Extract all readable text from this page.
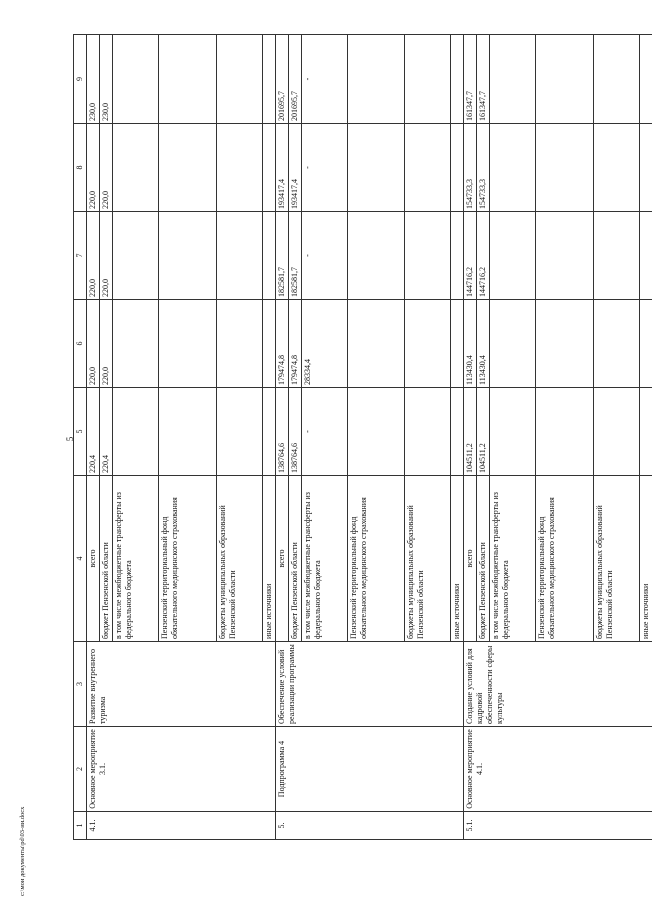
5
1	2	3	4	5	6	7	8	9
4.1.	Основное мероприятие 3.1.	Развитие внутреннего туризма	всего	220,4	220,0	220,0	220,0	230,0
			бюджет Пензенской области	220,4	220,0	220,0	220,0	230,0
			в том числе межбюджетные трансферты из федерального бюджета					
			Пензенский территориальный фонд обязательного медицинского страхования					
			бюджеты муниципальных образований Пензенской области					
			иные источники					
5.	Подпрограмма 4	Обеспечение условий реализации программы	всего	138764,6	179474,8	182581,7	193417,4	201695,7
			бюджет Пензенской области	138764,6	179474,8	182581,7	193417,4	201695,7
			в том числе межбюджетные трансферты из федерального бюджета	-	28334,4	-	-	-
			Пензенский территориальный фонд обязательного медицинского страхования					
			бюджеты муниципальных образований Пензенской области					
			иные источники					
5.1.	Основное мероприятие 4.1.	Создание условий для кадровой обеспеченности сферы культуры	всего	104511,2	113430,4	144716,2	154733,3	161347,7
			бюджет Пензенской области	104511,2	113430,4	144716,2	154733,3	161347,7
			в том числе межбюджетные трансферты из федерального бюджета					
			Пензенский территориальный фонд обязательного медицинского страхования					
			бюджеты муниципальных образований Пензенской области					
			иные источники					
c:\мои документы\pd\03-ии.docx
